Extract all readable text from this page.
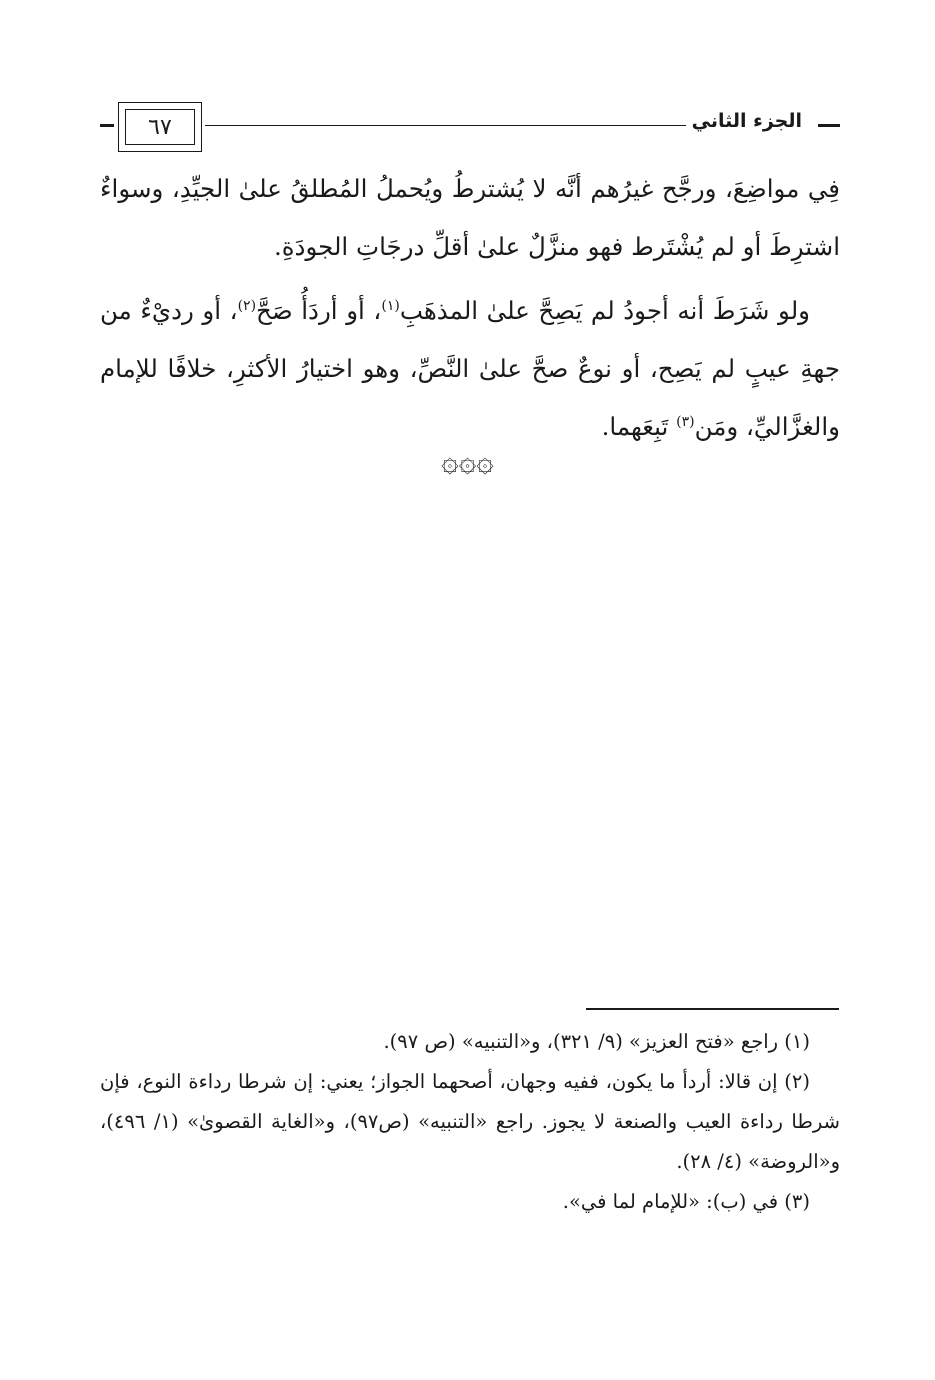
الجزء الثاني
٦٧

فِي مواضِعَ، ورجَّح غيرُهم أنَّه لا يُشترطُ ويُحملُ المُطلقُ علىٰ الجيِّدِ، وسواءٌ اشترِطَ أو لم يُشْتَرط فهو منزَّلٌ علىٰ أقلِّ درجَاتِ الجودَةِ.

ولو شَرَطَ أنه أجودُ لم يَصِحَّ علىٰ المذهَبِ$^{(١)}$، أو أردَأُ صَحَّ$^{(٢)}$، أو رديْءٌ من جهةِ عيبٍ لم يَصِح، أو نوعٌ صحَّ علىٰ النَّصِّ، وهو اختيارُ الأكثرِ، خلافًا للإمام والغزَّاليِّ، ومَن$^{(٣)}$ تَبِعَهما.

۞۞۞

(١) راجع «فتح العزيز» (٩/ ٣٢١)، و«التنبيه» (ص ٩٧).

(٢) إن قالا: أردأ ما يكون، ففيه وجهان، أصحهما الجواز؛ يعني: إن شرطا رداءة النوع، فإن شرطا رداءة العيب والصنعة لا يجوز. راجع «التنبيه» (ص٩٧)، و«الغاية القصوىٰ» (١/ ٤٩٦)، و«الروضة» (٤/ ٢٨).

(٣) في (ب): «للإمام لما في».
